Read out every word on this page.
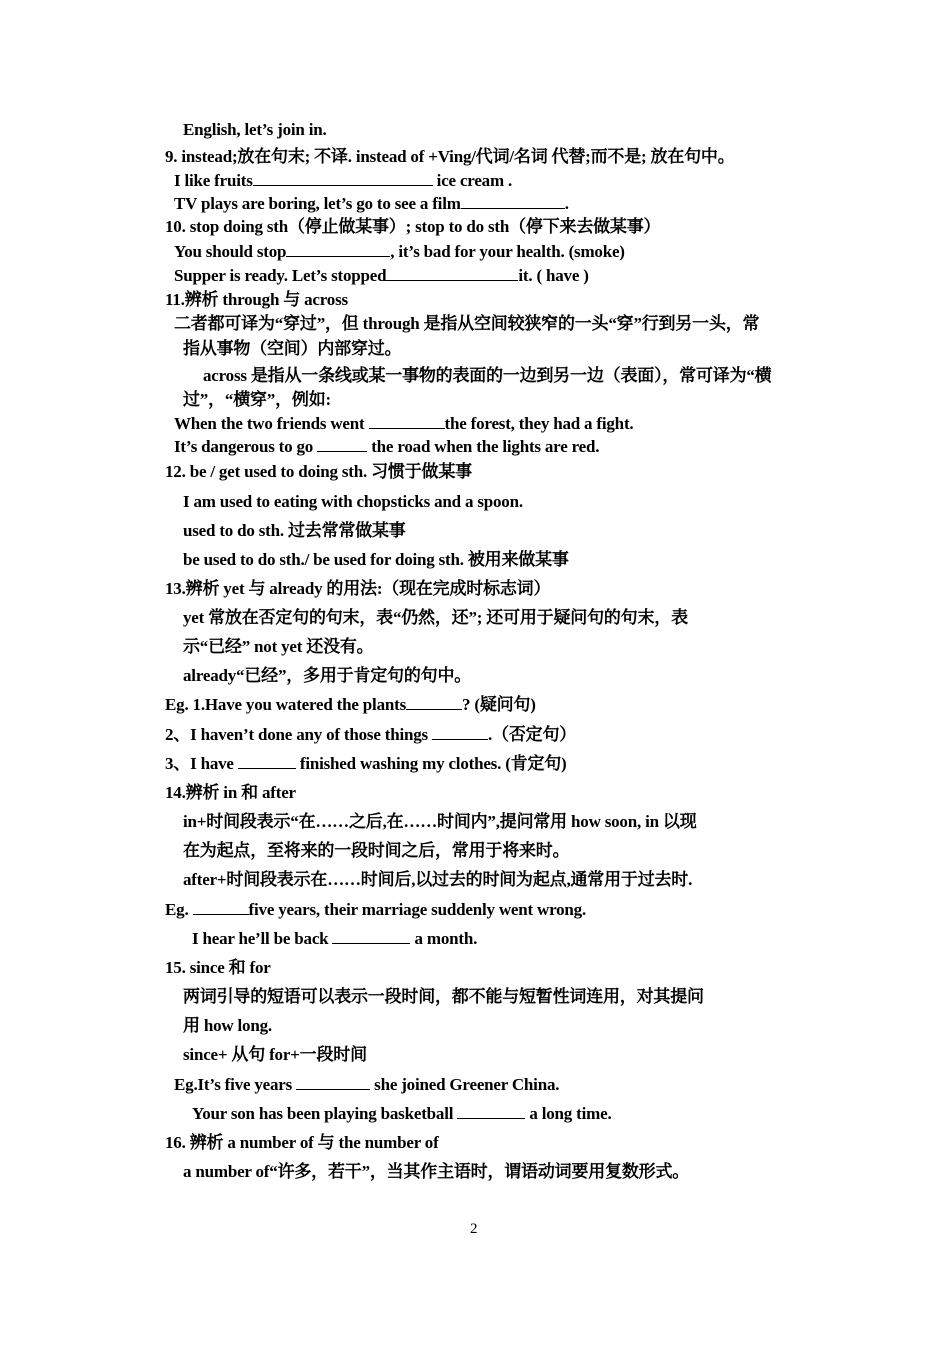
English, let’s join in.
9. instead;放在句末; 不译. instead of +Ving/代词/名词 代替;而不是; 放在句中。
I like fruits	ice cream .
TV plays are boring, let’s go to see a film	.
10. stop doing sth（停止做某事）; stop to do sth（停下来去做某事）
You should stop	, it’s bad for your health. (smoke)
Supper is ready. Let’s stopped	it. ( have )
11.辨析 through 与 across
二者都可译为“穿过”，但 through 是指从空间较狭窄的一头“穿”行到另一头，常
指从事物（空间）内部穿过。
across 是指从一条线或某一事物的表面的一边到另一边（表面），常可译为“横
过”，“横穿”，例如:
When the two friends went	the forest, they had a fight.
It’s dangerous to go	the road when the lights are red.
12. be / get used to doing sth. 习惯于做某事
I am used to eating with chopsticks and a spoon.
used to do sth. 过去常常做某事
be used to do sth./ be used for doing sth. 被用来做某事
13.辨析 yet 与 already 的用法:（现在完成时标志词）
yet 常放在否定句的句末，表“仍然，还”; 还可用于疑问句的句末，表
示“已经” not yet 还没有。
already“已经”，多用于肯定句的句中。
Eg. 1.Have you watered the plants	? (疑问句)
2、I haven’t done any of those things	.（否定句）
3、I have	finished washing my clothes. (肯定句)
14.辨析 in 和 after
in+时间段表示“在……之后,在……时间内”,提问常用 how soon, in 以现
在为起点，至将来的一段时间之后，常用于将来时。
after+时间段表示在……时间后,以过去的时间为起点,通常用于过去时.
Eg.	five years, their marriage suddenly went wrong.
I hear he’ll be back	a month.
15. since 和 for
两词引导的短语可以表示一段时间，都不能与短暂性词连用，对其提问
用 how long.
since+ 从句 for+一段时间
Eg.It’s five years	she joined Greener China.
Your son has been playing basketball	a long time.
16. 辨析 a number of 与 the number of
a number of“许多，若干”，当其作主语时，谓语动词要用复数形式。
2
